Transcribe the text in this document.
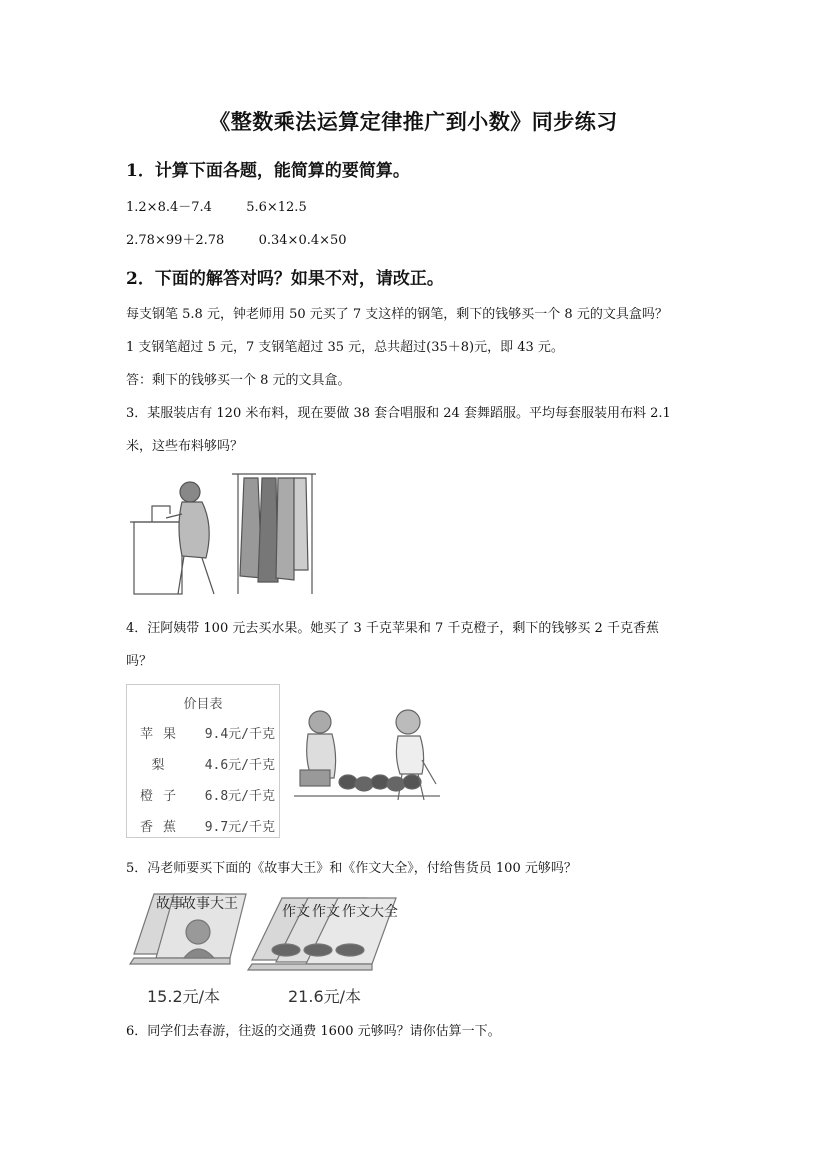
《整数乘法运算定律推广到小数》同步练习
1．计算下面各题，能简算的要简算。
1.2×8.4－7.4	5.6×12.5
2.78×99＋2.78	0.34×0.4×50
2．下面的解答对吗？如果不对，请改正。
每支钢笔 5.8 元，钟老师用 50 元买了 7 支这样的钢笔，剩下的钱够买一个 8 元的文具盒吗？
1 支钢笔超过 5 元，7 支钢笔超过 35 元，总共超过(35＋8)元，即 43 元。
答：剩下的钱够买一个 8 元的文具盒。
3．某服装店有 120 米布料，现在要做 38 套合唱服和 24 套舞蹈服。平均每套服装用布料 2.1
米，这些布料够吗？
4．汪阿姨带 100 元去买水果。她买了 3 千克苹果和 7 千克橙子，剩下的钱够买 2 千克香蕉
吗？
价目表
苹果 9.4元/千克
梨	4.6元/千克
橙子 6.8元/千克
香蕉 9.7元/千克
5．冯老师要买下面的《故事大王》和《作文大全》，付给售货员 100 元够吗？
故事
故事大王	作文 作文 作文大全
15.2元/本	21.6元/本
6．同学们去春游，往返的交通费 1600 元够吗？请你估算一下。
